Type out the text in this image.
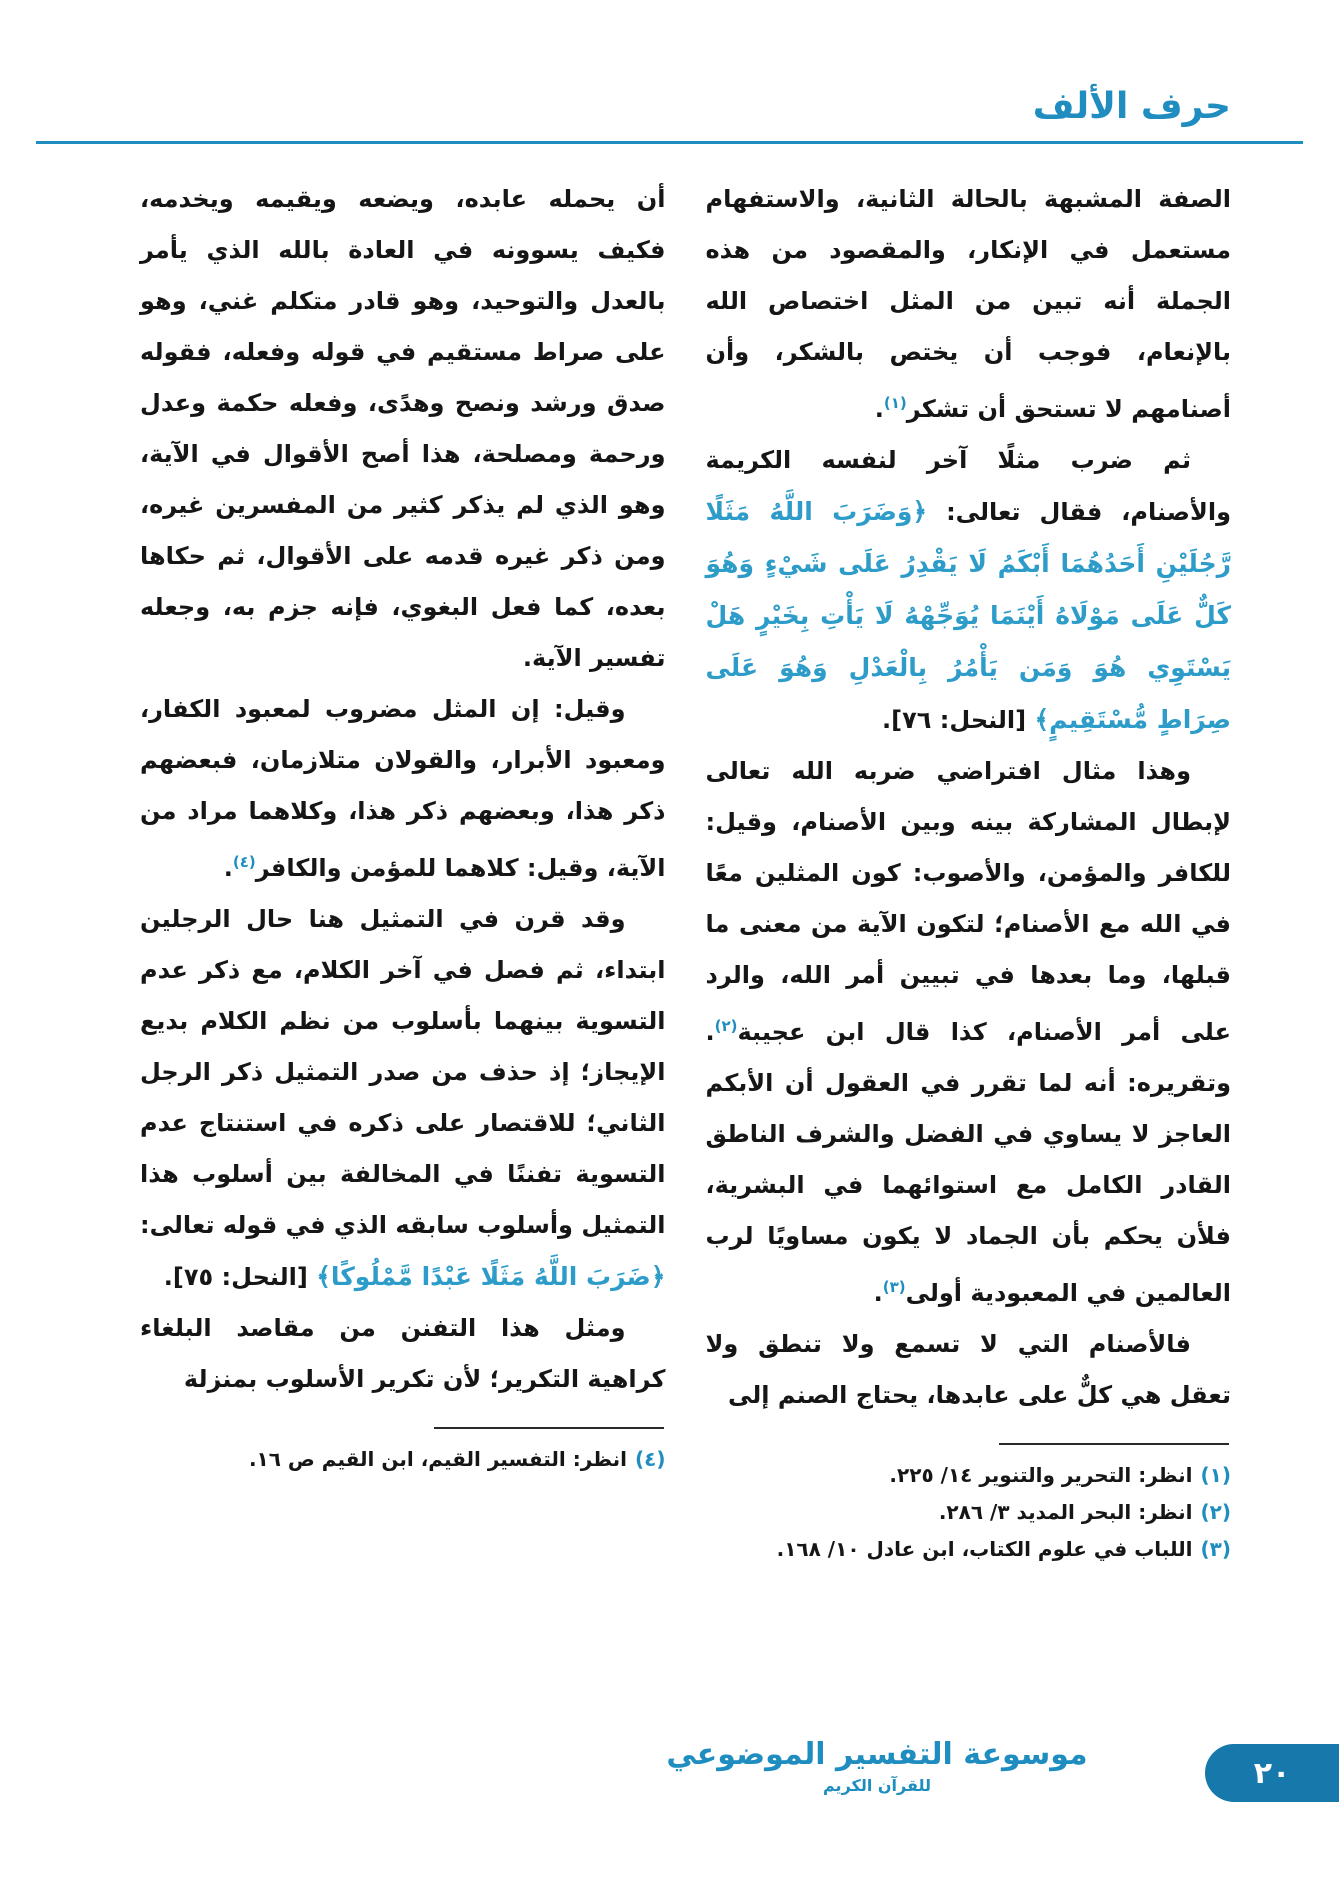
حرف الألف

الصفة المشبهة بالحالة الثانية، والاستفهام مستعمل في الإنكار، والمقصود من هذه الجملة أنه تبين من المثل اختصاص الله بالإنعام، فوجب أن يختص بالشكر، وأن أصنامهم لا تستحق أن تشكر$^{(١)}$.

ثم ضرب مثلًا آخر لنفسه الكريمة والأصنام، فقال تعالى: ﴿وَضَرَبَ اللَّهُ مَثَلًا رَّجُلَيْنِ أَحَدُهُمَا أَبْكَمُ لَا يَقْدِرُ عَلَى شَيْءٍ وَهُوَ كَلٌّ عَلَى مَوْلَاهُ أَيْنَمَا يُوَجِّهْهُ لَا يَأْتِ بِخَيْرٍ هَلْ يَسْتَوِي هُوَ وَمَن يَأْمُرُ بِالْعَدْلِ وَهُوَ عَلَى صِرَاطٍ مُّسْتَقِيمٍ﴾ [النحل: ٧٦].

وهذا مثال افتراضي ضربه الله تعالى لإبطال المشاركة بينه وبين الأصنام، وقيل: للكافر والمؤمن، والأصوب: كون المثلين معًا في الله مع الأصنام؛ لتكون الآية من معنى ما قبلها، وما بعدها في تبيين أمر الله، والرد على أمر الأصنام، كذا قال ابن عجيبة$^{(٢)}$. وتقريره: أنه لما تقرر في العقول أن الأبكم العاجز لا يساوي في الفضل والشرف الناطق القادر الكامل مع استوائهما في البشرية، فلأن يحكم بأن الجماد لا يكون مساويًا لرب العالمين في المعبودية أولى$^{(٣)}$.

فالأصنام التي لا تسمع ولا تنطق ولا تعقل هي كلٌّ على عابدها، يحتاج الصنم إلى

(١)انظر: التحرير والتنوير ١٤/ ٢٢٥.
(٢)انظر: البحر المديد ٣/ ٢٨٦.
(٣)اللباب في علوم الكتاب، ابن عادل ١٠/ ١٦٨.

أن يحمله عابده، ويضعه ويقيمه ويخدمه، فكيف يسوونه في العادة بالله الذي يأمر بالعدل والتوحيد، وهو قادر متكلم غني، وهو على صراط مستقيم في قوله وفعله، فقوله صدق ورشد ونصح وهدًى، وفعله حكمة وعدل ورحمة ومصلحة، هذا أصح الأقوال في الآية، وهو الذي لم يذكر كثير من المفسرين غيره، ومن ذكر غيره قدمه على الأقوال، ثم حكاها بعده، كما فعل البغوي، فإنه جزم به، وجعله تفسير الآية.

وقيل: إن المثل مضروب لمعبود الكفار، ومعبود الأبرار، والقولان متلازمان، فبعضهم ذكر هذا، وبعضهم ذكر هذا، وكلاهما مراد من الآية، وقيل: كلاهما للمؤمن والكافر$^{(٤)}$.

وقد قرن في التمثيل هنا حال الرجلين ابتداء، ثم فصل في آخر الكلام، مع ذكر عدم التسوية بينهما بأسلوب من نظم الكلام بديع الإيجاز؛ إذ حذف من صدر التمثيل ذكر الرجل الثاني؛ للاقتصار على ذكره في استنتاج عدم التسوية تفننًا في المخالفة بين أسلوب هذا التمثيل وأسلوب سابقه الذي في قوله تعالى: ﴿ضَرَبَ اللَّهُ مَثَلًا عَبْدًا مَّمْلُوكًا﴾ [النحل: ٧٥].

ومثل هذا التفنن من مقاصد البلغاء كراهية التكرير؛ لأن تكرير الأسلوب بمنزلة

(٤)انظر: التفسير القيم، ابن القيم ص ١٦.
موسوعة التفسير الموضوعي
للقرآن الكريم	٢٠
